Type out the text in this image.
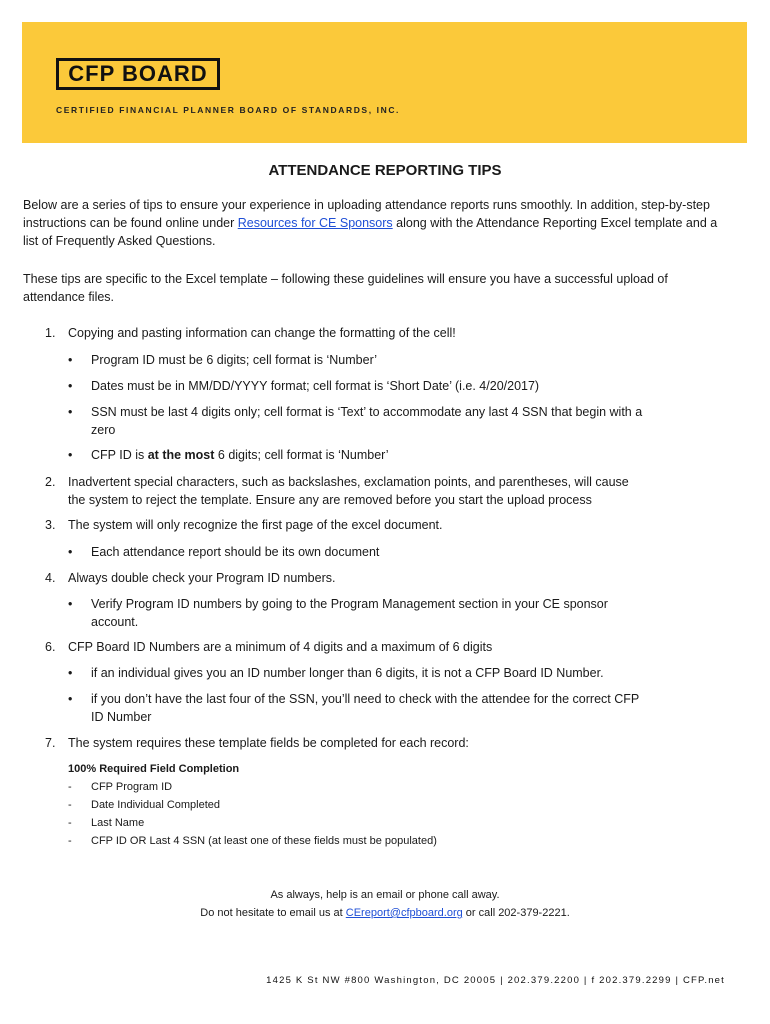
CFP BOARD
CERTIFIED FINANCIAL PLANNER BOARD OF STANDARDS, INC.
ATTENDANCE REPORTING TIPS
Below are a series of tips to ensure your experience in uploading attendance reports runs smoothly. In addition, step-by-step instructions can be found online under Resources for CE Sponsors along with the Attendance Reporting Excel template and a list of Frequently Asked Questions.
These tips are specific to the Excel template – following these guidelines will ensure you have a successful upload of attendance files.
1. Copying and pasting information can change the formatting of the cell!
• Program ID must be 6 digits; cell format is ‘Number’
• Dates must be in MM/DD/YYYY format; cell format is ‘Short Date’ (i.e. 4/20/2017)
• SSN must be last 4 digits only; cell format is ‘Text’ to accommodate any last 4 SSN that begin with a zero
• CFP ID is at the most 6 digits; cell format is ‘Number’
2. Inadvertent special characters, such as backslashes, exclamation points, and parentheses, will cause the system to reject the template. Ensure any are removed before you start the upload process
3. The system will only recognize the first page of the excel document.
• Each attendance report should be its own document
4. Always double check your Program ID numbers.
• Verify Program ID numbers by going to the Program Management section in your CE sponsor account.
6. CFP Board ID Numbers are a minimum of 4 digits and a maximum of 6 digits
• if an individual gives you an ID number longer than 6 digits, it is not a CFP Board ID Number.
• if you don’t have the last four of the SSN, you’ll need to check with the attendee for the correct CFP ID Number
7. The system requires these template fields be completed for each record:
100% Required Field Completion
- CFP Program ID
- Date Individual Completed
- Last Name
- CFP ID OR Last 4 SSN (at least one of these fields must be populated)
As always, help is an email or phone call away.
Do not hesitate to email us at CEreport@cfpboard.org or call 202-379-2221.
1425 K St NW #800 Washington, DC 20005 | 202.379.2200 | f 202.379.2299 | CFP.net
